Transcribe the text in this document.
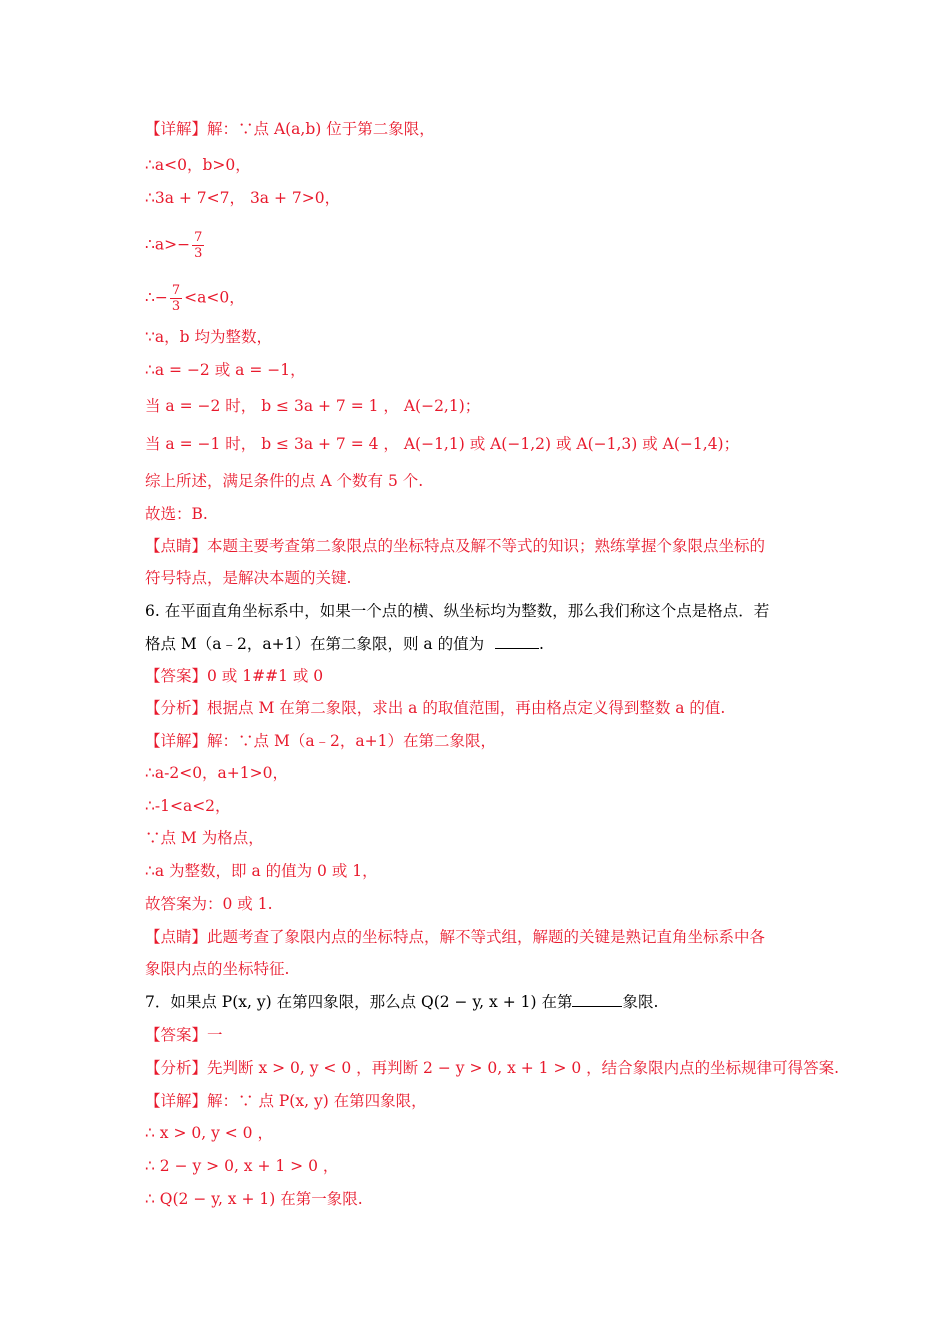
【详解】解：∵点 A(a,b) 位于第二象限，
∴a<0，b>0，
∴3a + 7<7， 3a + 7>0，
∴a>− $\frac{7}{3}$
∴− $\frac{7}{3} <a<0$，
∵a，b 均为整数，
∴a = −2 或 a = −1，
当 a = −2 时， b ≤ 3a + 7 = 1 ， A(−2,1)；
当 a = −1 时， b ≤ 3a + 7 = 4 ， A(−1,1) 或 A(−1,2) 或 A(−1,3) 或 A(−1,4)；
综上所述，满足条件的点 A 个数有 5 个.
故选：B.
【点睛】本题主要考查第二象限点的坐标特点及解不等式的知识；熟练掌握个象限点坐标的
符号特点，是解决本题的关键.
6. 在平面直角坐标系中，如果一个点的横、纵坐标均为整数，那么我们称这个点是格点．若
格点 M（a﹣2，a+1）在第二象限，则 a 的值为	.
【答案】0 或 1##1 或 0
【分析】根据点 M 在第二象限，求出 a 的取值范围，再由格点定义得到整数 a 的值.
【详解】解：∵点 M（a﹣2，a+1）在第二象限，
∴a-2<0，a+1>0，
∴-1<a<2，
∵点 M 为格点，
∴a 为整数，即 a 的值为 0 或 1，
故答案为：0 或 1.
【点睛】此题考查了象限内点的坐标特点，解不等式组，解题的关键是熟记直角坐标系中各
象限内点的坐标特征.
7．如果点 P(x, y) 在第四象限，那么点 Q(2 − y, x + 1) 在第	象限.
【答案】一
【分析】先判断 x > 0, y < 0 ，再判断 2 − y > 0, x + 1 > 0 ，结合象限内点的坐标规律可得答案.
【详解】解：∵ 点 P(x, y) 在第四象限，
∴ x > 0, y < 0 ，
∴ 2 − y > 0, x + 1 > 0 ，
∴ Q(2 − y, x + 1) 在第一象限.
